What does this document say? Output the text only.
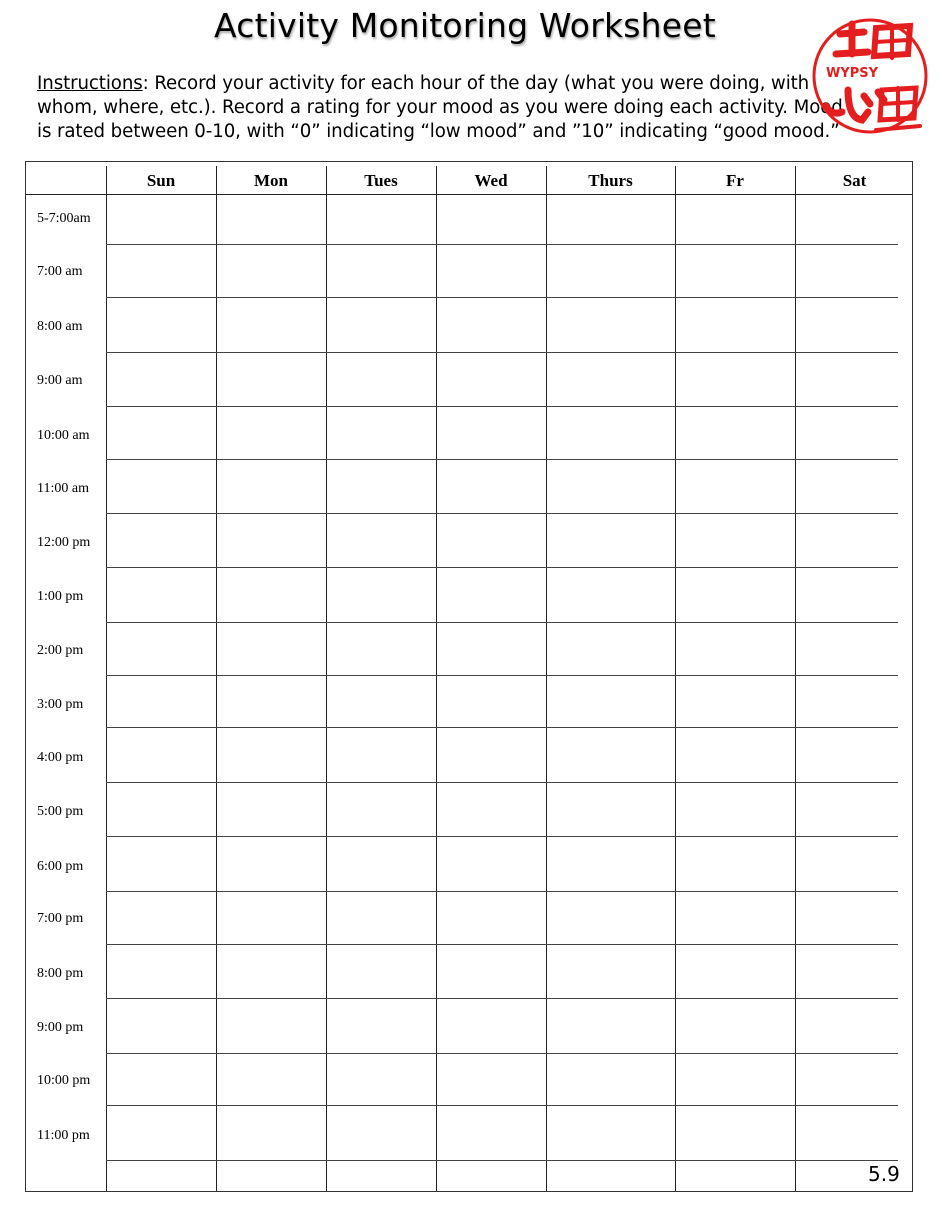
Activity Monitoring Worksheet

Instructions: Record your activity for each hour of the day (what you were doing, with whom, where, etc.). Record a rating for your mood as you were doing each activity. Mood is rated between 0-10, with “0” indicating “low mood” and ”10” indicating “good mood.”

WYPSY
Sun	Mon	Tues	Wed	Thurs	Fr	Sat
5-7:00am
7:00 am
8:00 am
9:00 am
10:00 am
11:00 am
12:00 pm
1:00 pm
2:00 pm
3:00 pm
4:00 pm
5:00 pm
6:00 pm
7:00 pm
8:00 pm
9:00 pm
10:00 pm
11:00 pm
5.9
